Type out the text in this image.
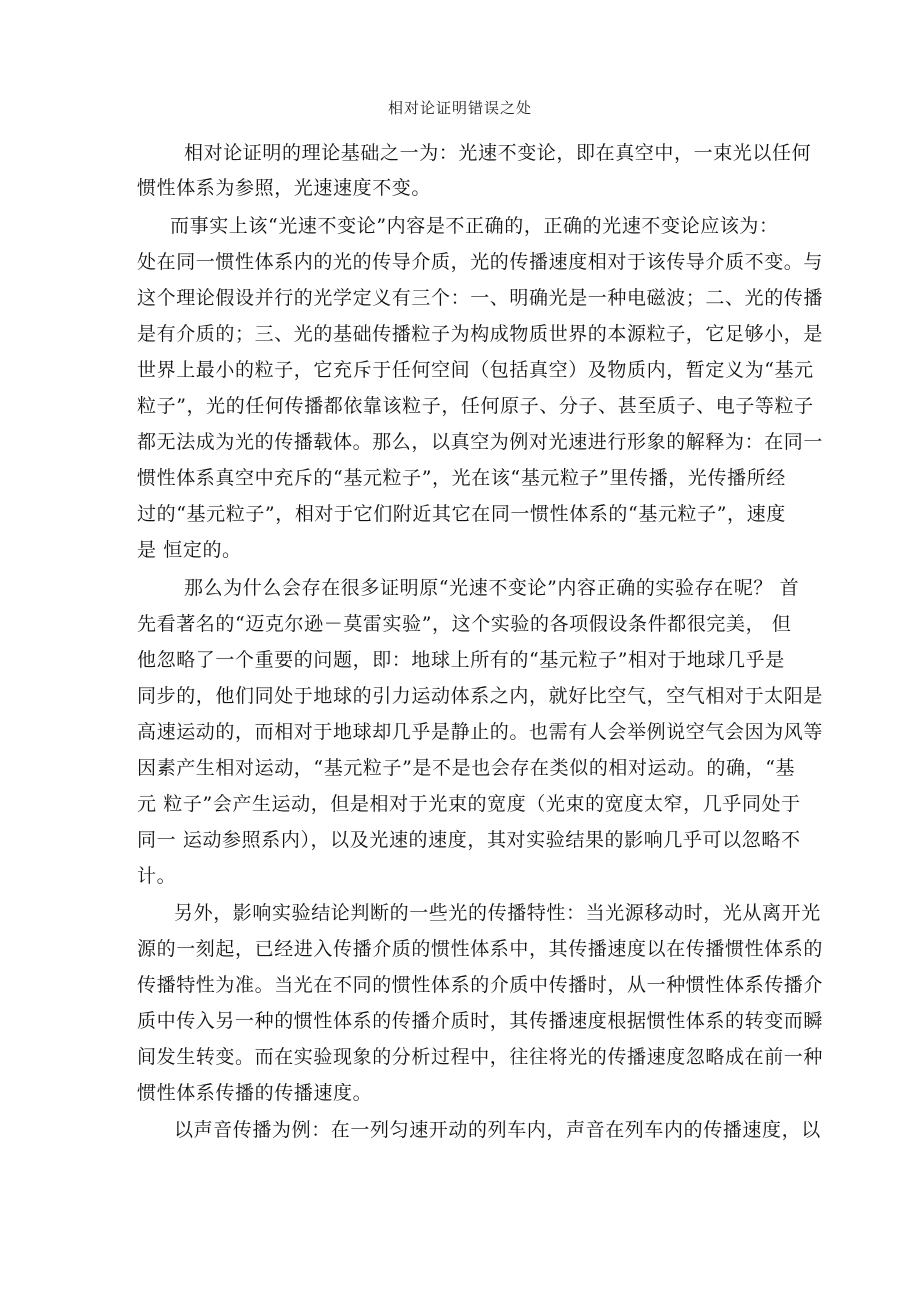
相对论证明错误之处
相对论证明的理论基础之一为：光速不变论，即在真空中，一束光以任何
惯性体系为参照，光速速度不变。
而事实上该“光速不变论”内容是不正确的，正确的光速不变论应该为：
处在同一惯性体系内的光的传导介质，光的传播速度相对于该传导介质不变。与
这个理论假设并行的光学定义有三个：一、明确光是一种电磁波；二、光的传播
是有介质的；三、光的基础传播粒子为构成物质世界的本源粒子，它足够小，是
世界上最小的粒子，它充斥于任何空间（包括真空）及物质内，暂定义为“基元
粒子”，光的任何传播都依靠该粒子，任何原子、分子、甚至质子、电子等粒子
都无法成为光的传播载体。那么，以真空为例对光速进行形象的解释为：在同一
惯性体系真空中充斥的“基元粒子”，光在该“基元粒子”里传播，光传播所经
过的“基元粒子”，相对于它们附近其它在同一惯性体系的“基元粒子”，速度
是 恒定的。
那么为什么会存在很多证明原“光速不变论”内容正确的实验存在呢？ 首
先看著名的“迈克尔逊－莫雷实验”，这个实验的各项假设条件都很完美， 但
他忽略了一个重要的问题，即：地球上所有的“基元粒子”相对于地球几乎是
同步的，他们同处于地球的引力运动体系之内，就好比空气，空气相对于太阳是
高速运动的，而相对于地球却几乎是静止的。也需有人会举例说空气会因为风等
因素产生相对运动，“基元粒子”是不是也会存在类似的相对运动。的确，“基
元 粒子”会产生运动，但是相对于光束的宽度（光束的宽度太窄，几乎同处于
同一 运动参照系内），以及光速的速度，其对实验结果的影响几乎可以忽略不
计。
另外，影响实验结论判断的一些光的传播特性：当光源移动时，光从离开光
源的一刻起，已经进入传播介质的惯性体系中，其传播速度以在传播惯性体系的
传播特性为准。当光在不同的惯性体系的介质中传播时，从一种惯性体系传播介
质中传入另一种的惯性体系的传播介质时，其传播速度根据惯性体系的转变而瞬
间发生转变。而在实验现象的分析过程中，往往将光的传播速度忽略成在前一种
惯性体系传播的传播速度。
以声音传播为例：在一列匀速开动的列车内，声音在列车内的传播速度，以
